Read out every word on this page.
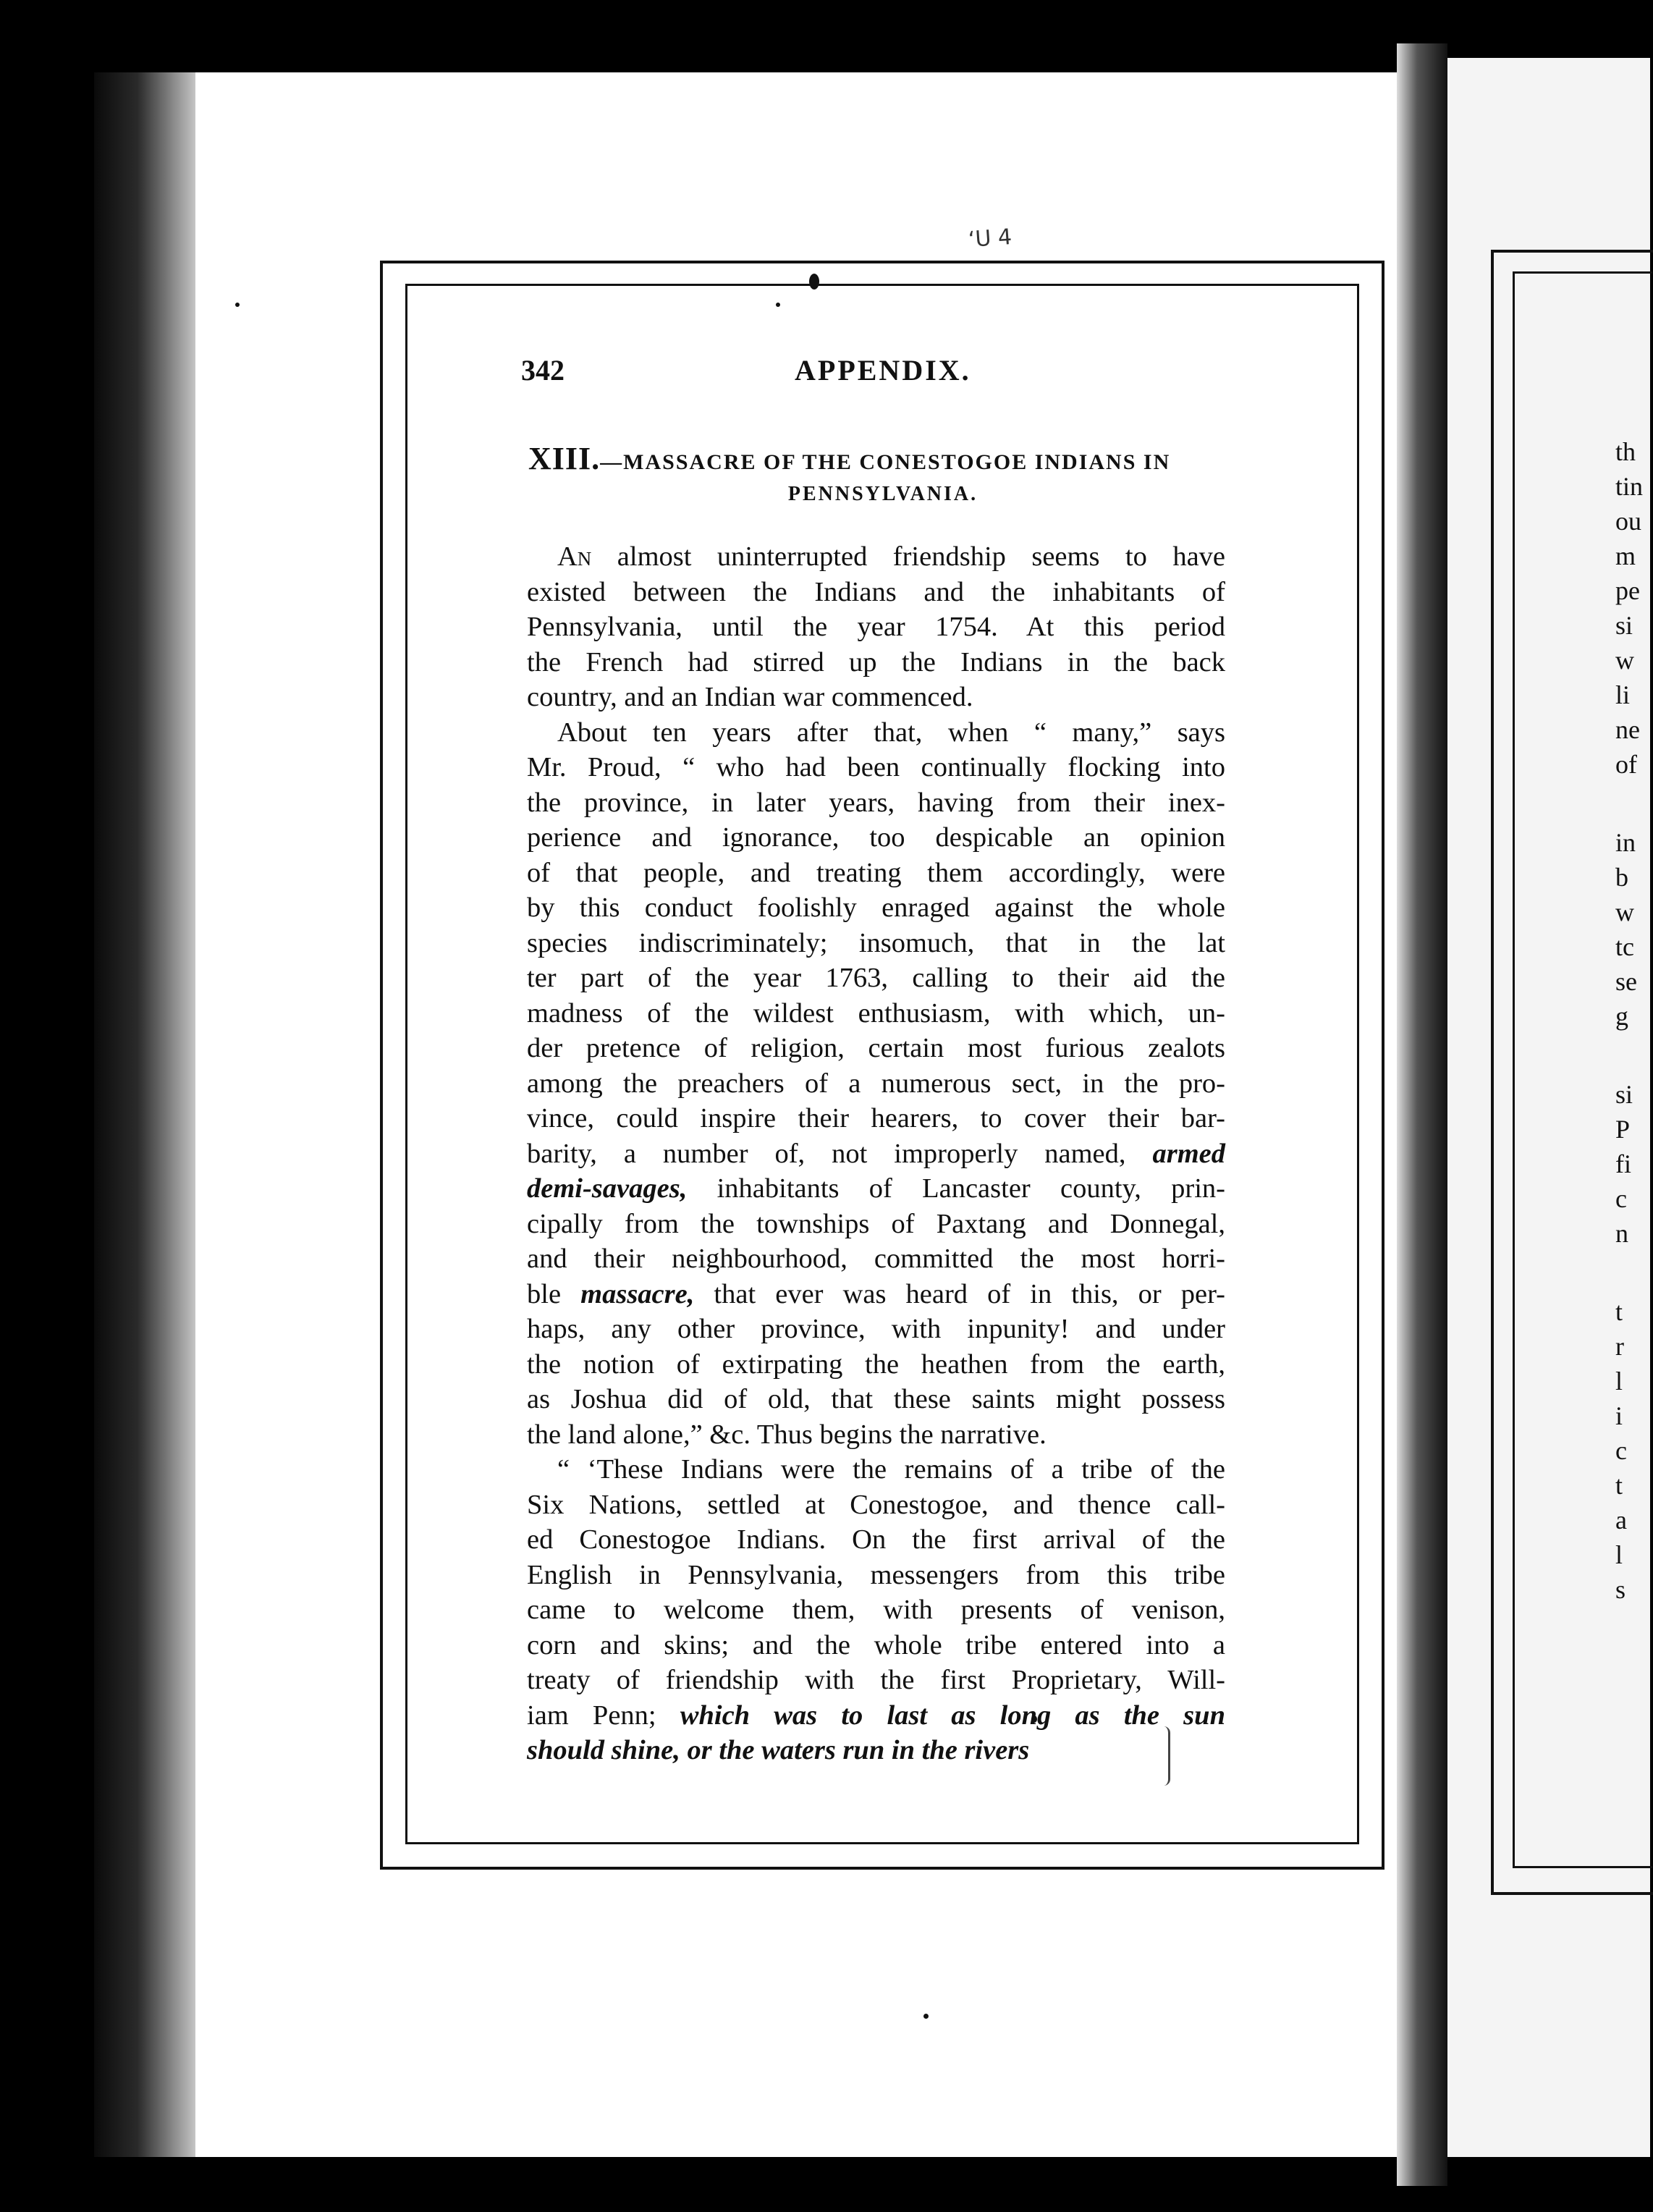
‘U 4
342	APPENDIX.
XIII.—MASSACRE OF THE CONESTOGOE INDIANS IN
PENNSYLVANIA.
An almost uninterrupted friendship seems to have
existed between the Indians and the inhabitants of
Pennsylvania, until the year 1754. At this period
the French had stirred up the Indians in the back
country, and an Indian war commenced.
About ten years after that, when “ many,” says
Mr. Proud, “ who had been continually flocking into
the province, in later years, having from their inex-
perience and ignorance, too despicable an opinion
of that people, and treating them accordingly, were
by this conduct foolishly enraged against the whole
species indiscriminately; insomuch, that in the lat
ter part of the year 1763, calling to their aid the
madness of the wildest enthusiasm, with which, un-
der pretence of religion, certain most furious zealots
among the preachers of a numerous sect, in the pro-
vince, could inspire their hearers, to cover their bar-
barity, a number of, not improperly named, armed
demi-savages, inhabitants of Lancaster county, prin-
cipally from the townships of Paxtang and Donnegal,
and their neighbourhood, committed the most horri-
ble massacre, that ever was heard of in this, or per-
haps, any other province, with inpunity! and under
the notion of extirpating the heathen from the earth,
as Joshua did of old, that these saints might possess
the land alone,” &c. Thus begins the narrative.
“ ‘These Indians were the remains of a tribe of the
Six Nations, settled at Conestogoe, and thence call-
ed Conestogoe Indians. On the first arrival of the
English in Pennsylvania, messengers from this tribe
came to welcome them, with presents of venison,
corn and skins; and the whole tribe entered into a
treaty of friendship with the first Proprietary, Will-
iam Penn; which was to last as long as the sun
should shine, or the waters run in the rivers
th
tin
ou
m
pe
si
w
li
ne
of
in
b
w
tc
se
g
si
P
fi
c
n
t
r
l
i
c
t
a
l
s
